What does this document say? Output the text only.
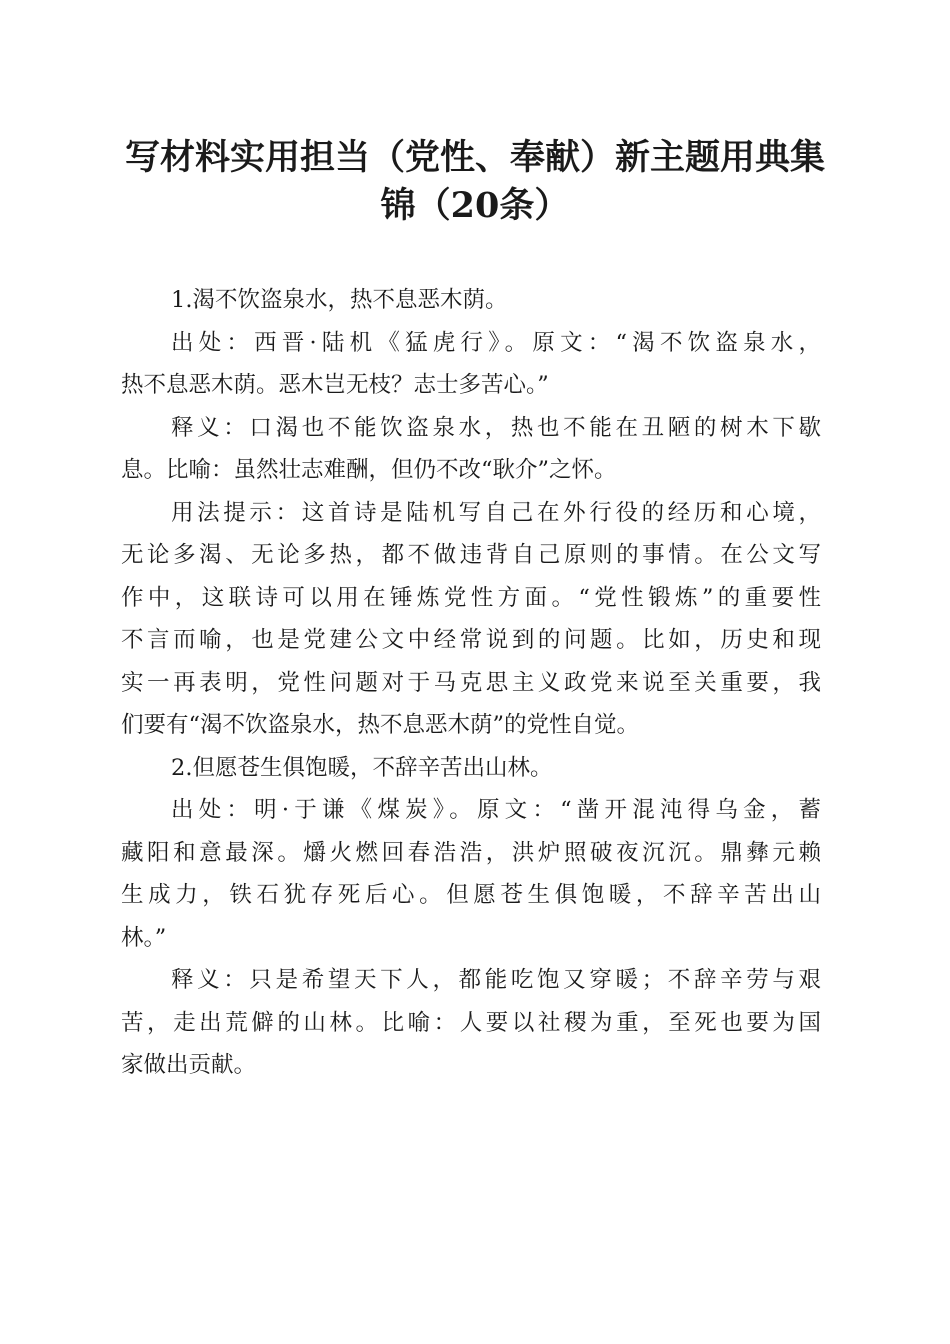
写材料实用担当（党性、奉献）新主题用典集
锦（20条）
1.渴不饮盗泉水，热不息恶木荫。
出处：西晋·陆机《猛虎行》。原文：“渴不饮盗泉水，
热不息恶木荫。恶木岂无枝？志士多苦心。”
释义：口渴也不能饮盗泉水，热也不能在丑陋的树木下歇
息。比喻：虽然壮志难酬，但仍不改“耿介”之怀。
用法提示：这首诗是陆机写自己在外行役的经历和心境，
无论多渴、无论多热，都不做违背自己原则的事情。在公文写
作中，这联诗可以用在锤炼党性方面。“党性锻炼”的重要性
不言而喻，也是党建公文中经常说到的问题。比如，历史和现
实一再表明，党性问题对于马克思主义政党来说至关重要，我
们要有“渴不饮盗泉水，热不息恶木荫”的党性自觉。
2.但愿苍生俱饱暖，不辞辛苦出山林。
出处：明·于谦《煤炭》。原文：“凿开混沌得乌金，蓄
藏阳和意最深。爝火燃回春浩浩，洪炉照破夜沉沉。鼎彝元赖
生成力，铁石犹存死后心。但愿苍生俱饱暖，不辞辛苦出山
林。”
释义：只是希望天下人，都能吃饱又穿暖；不辞辛劳与艰
苦，走出荒僻的山林。比喻：人要以社稷为重，至死也要为国
家做出贡献。
